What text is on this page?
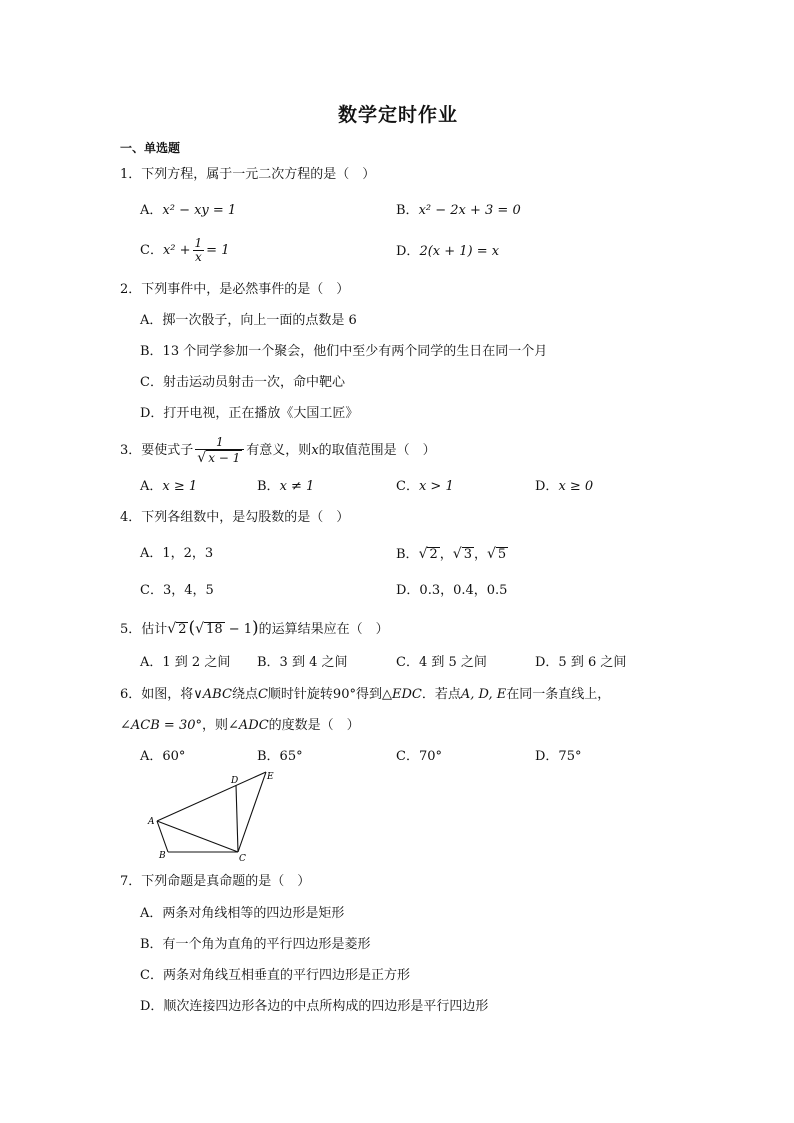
数学定时作业
一、单选题
1．下列方程，属于一元二次方程的是（　）
A．x² − xy = 1	B．x² − 2x + 3 = 0
C．$x^2 + \frac{1}{x} = 1$	D．2(x + 1) = x
2．下列事件中，是必然事件的是（　）
A．掷一次骰子，向上一面的点数是 6
B．13 个同学参加一个聚会，他们中至少有两个同学的生日在同一个月
C．射击运动员射击一次，命中靶心
D．打开电视，正在播放《大国工匠》
3．要使式子 $\frac{1}{√ x - 1}$ 有意义，则x的取值范围是（　）
A．x ≥ 1	B．x ≠ 1	C．x > 1	D．x ≥ 0
4．下列各组数中，是勾股数的是（　）
A．1，2，3	B．√ 2 ，√ 3 ，√ 5
C．3，4，5	D．0.3，0.4，0.5
5．估计√ 2 (√ 18 − 1)的运算结果应在（　）
A．1 到 2 之间 B．3 到 4 之间	C．4 到 5 之间	D．5 到 6 之间
6．如图，将∨ABC绕点C顺时针旋转90°得到△EDC．若点A, D, E在同一条直线上，
∠ACB = 30°，则∠ADC的度数是（　）
A．60°	B．65°	C．70°	D．75°
A
B	C
D	E
7．下列命题是真命题的是（　）
A．两条对角线相等的四边形是矩形
B．有一个角为直角的平行四边形是菱形
C．两条对角线互相垂直的平行四边形是正方形
D．顺次连接四边形各边的中点所构成的四边形是平行四边形
